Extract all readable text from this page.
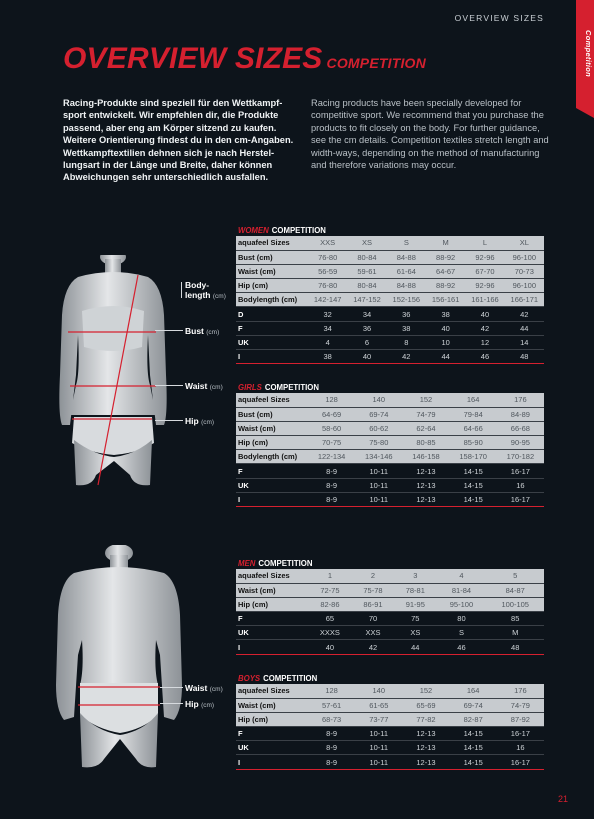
OVERVIEW SIZES
Competition
OVERVIEW SIZES COMPETITION
Racing-Produkte sind speziell für den Wettkampfsport entwickelt. Wir empfehlen dir, die Produkte passend, aber eng am Körper sitzend zu kaufen. Weitere Orientierung findest du in den cm-Angaben. Wettkampftextilien dehnen sich je nach Herstellungsart in der Länge und Breite, daher können Abweichungen sehr unterschiedlich ausfallen.
Racing products have been specially developed for competitive sport. We recommend that you purchase the products to fit closely on the body. For further guidance, see the cm details. Competition textiles stretch length and width-ways, depending on the method of manufacturing and therefore variations may occur.
Body-
length (cm)
Bust (cm)
Waist (cm)
Hip (cm)
Waist (cm)
Hip (cm)
WOMEN COMPETITION
aquafeel Sizes	XXS	XS	S	M	L	XL
Bust (cm)	76-80	80-84	84-88	88-92	92-96	96-100
Waist (cm)	56-59	59-61	61-64	64-67	67-70	70-73
Hip (cm)	76-80	80-84	84-88	88-92	92-96	96-100
Bodylength (cm)	142-147	147-152	152-156	156-161	161-166	166-171
D	32	34	36	38	40	42
F	34	36	38	40	42	44
UK	4	6	8	10	12	14
I	38	40	42	44	46	48
GIRLS COMPETITION
aquafeel Sizes	128	140	152	164	176
Bust (cm)	64-69	69-74	74-79	79-84	84-89
Waist (cm)	58-60	60-62	62-64	64-66	66-68
Hip (cm)	70-75	75-80	80-85	85-90	90-95
Bodylength (cm)	122-134	134-146	146-158	158-170	170-182
F	8-9	10-11	12-13	14-15	16-17
UK	8-9	10-11	12-13	14-15	16
I	8-9	10-11	12-13	14-15	16-17
MEN COMPETITION
aquafeel Sizes	1	2	3	4	5
Waist (cm)	72-75	75-78	78-81	81-84	84-87
Hip (cm)	82-86	86-91	91-95	95-100	100-105
F	65	70	75	80	85
UK	XXXS	XXS	XS	S	M
I	40	42	44	46	48
BOYS COMPETITION
aquafeel Sizes	128	140	152	164	176
Waist (cm)	57-61	61-65	65-69	69-74	74-79
Hip (cm)	68-73	73-77	77-82	82-87	87-92
F	8-9	10-11	12-13	14-15	16-17
UK	8-9	10-11	12-13	14-15	16
I	8-9	10-11	12-13	14-15	16-17
21
